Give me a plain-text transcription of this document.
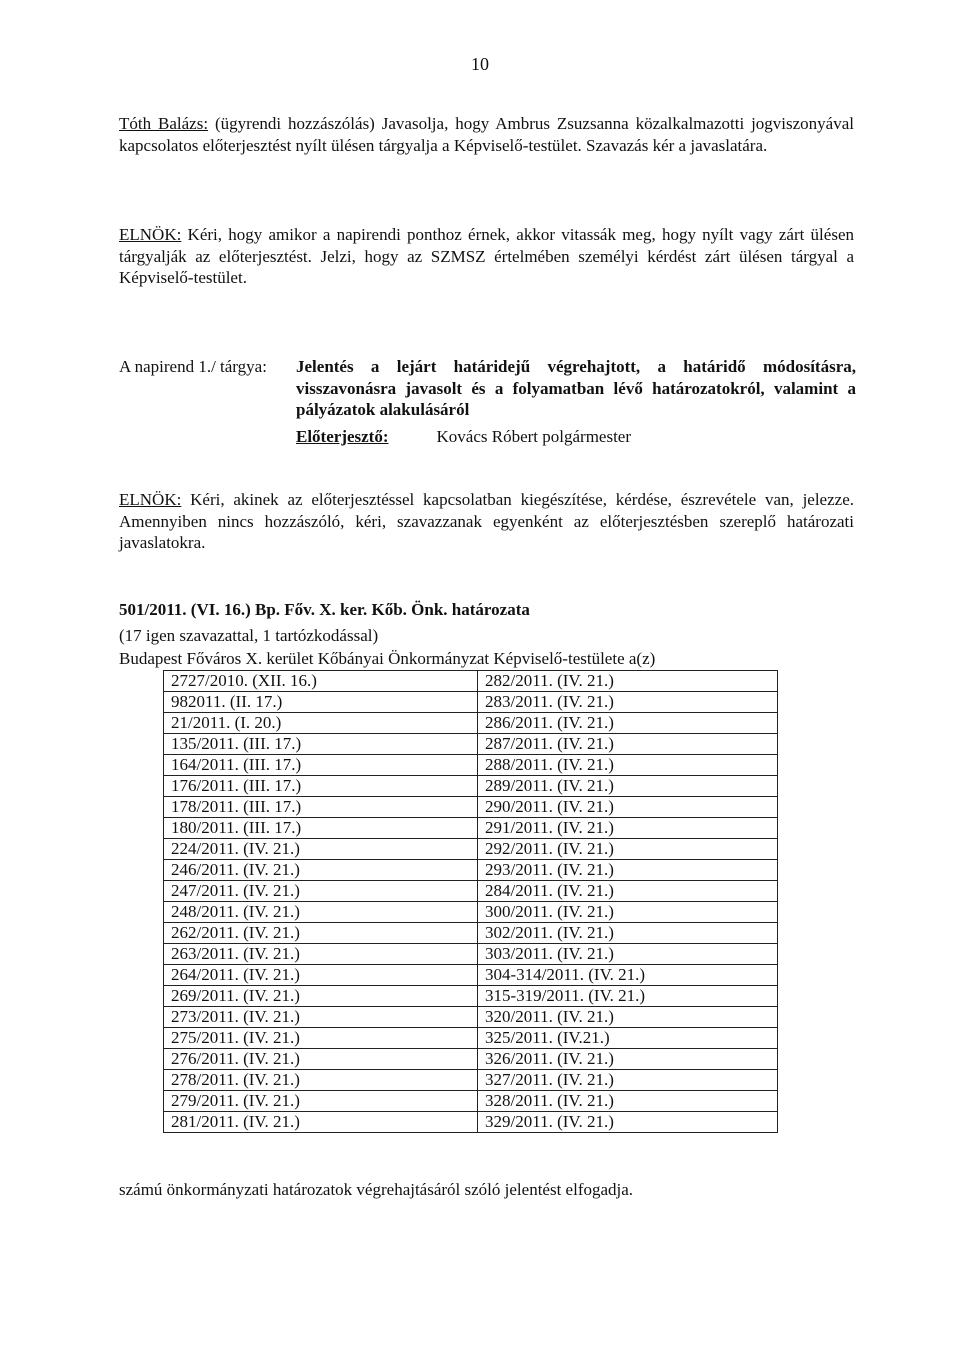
10

Tóth Balázs: (ügyrendi hozzászólás) Javasolja, hogy Ambrus Zsuzsanna közalkalmazotti jogviszonyával kapcsolatos előterjesztést nyílt ülésen tárgyalja a Képviselő-testület. Szavazás kér a javaslatára.

ELNÖK: Kéri, hogy amikor a napirendi ponthoz érnek, akkor vitassák meg, hogy nyílt vagy zárt ülésen tárgyalják az előterjesztést. Jelzi, hogy az SZMSZ értelmében személyi kérdést zárt ülésen tárgyal a Képviselő-testület.

A napirend 1./ tárgya: Jelentés a lejárt határidejű végrehajtott, a határidő módosításra, visszavonásra javasolt és a folyamatban lévő határozatokról, valamint a pályázatok alakulásáról
Előterjesztő:	Kovács Róbert polgármester

ELNÖK: Kéri, akinek az előterjesztéssel kapcsolatban kiegészítése, kérdése, észrevétele van, jelezze. Amennyiben nincs hozzászóló, kéri, szavazzanak egyenként az előterjesztésben szereplő határozati javaslatokra.

501/2011. (VI. 16.) Bp. Főv. X. ker. Kőb. Önk. határozata
(17 igen szavazattal, 1 tartózkodással)
Budapest Főváros X. kerület Kőbányai Önkormányzat Képviselő-testülete a(z)
2727/2010. (XII. 16.)	282/2011. (IV. 21.)
982011. (II. 17.)	283/2011. (IV. 21.)
21/2011. (I. 20.)	286/2011. (IV. 21.)
135/2011. (III. 17.)	287/2011. (IV. 21.)
164/2011. (III. 17.)	288/2011. (IV. 21.)
176/2011. (III. 17.)	289/2011. (IV. 21.)
178/2011. (III. 17.)	290/2011. (IV. 21.)
180/2011. (III. 17.)	291/2011. (IV. 21.)
224/2011. (IV. 21.)	292/2011. (IV. 21.)
246/2011. (IV. 21.)	293/2011. (IV. 21.)
247/2011. (IV. 21.)	284/2011. (IV. 21.)
248/2011. (IV. 21.)	300/2011. (IV. 21.)
262/2011. (IV. 21.)	302/2011. (IV. 21.)
263/2011. (IV. 21.)	303/2011. (IV. 21.)
264/2011. (IV. 21.)	304-314/2011. (IV. 21.)
269/2011. (IV. 21.)	315-319/2011. (IV. 21.)
273/2011. (IV. 21.)	320/2011. (IV. 21.)
275/2011. (IV. 21.)	325/2011. (IV.21.)
276/2011. (IV. 21.)	326/2011. (IV. 21.)
278/2011. (IV. 21.)	327/2011. (IV. 21.)
279/2011. (IV. 21.)	328/2011. (IV. 21.)
281/2011. (IV. 21.)	329/2011. (IV. 21.)
számú önkormányzati határozatok végrehajtásáról szóló jelentést elfogadja.
